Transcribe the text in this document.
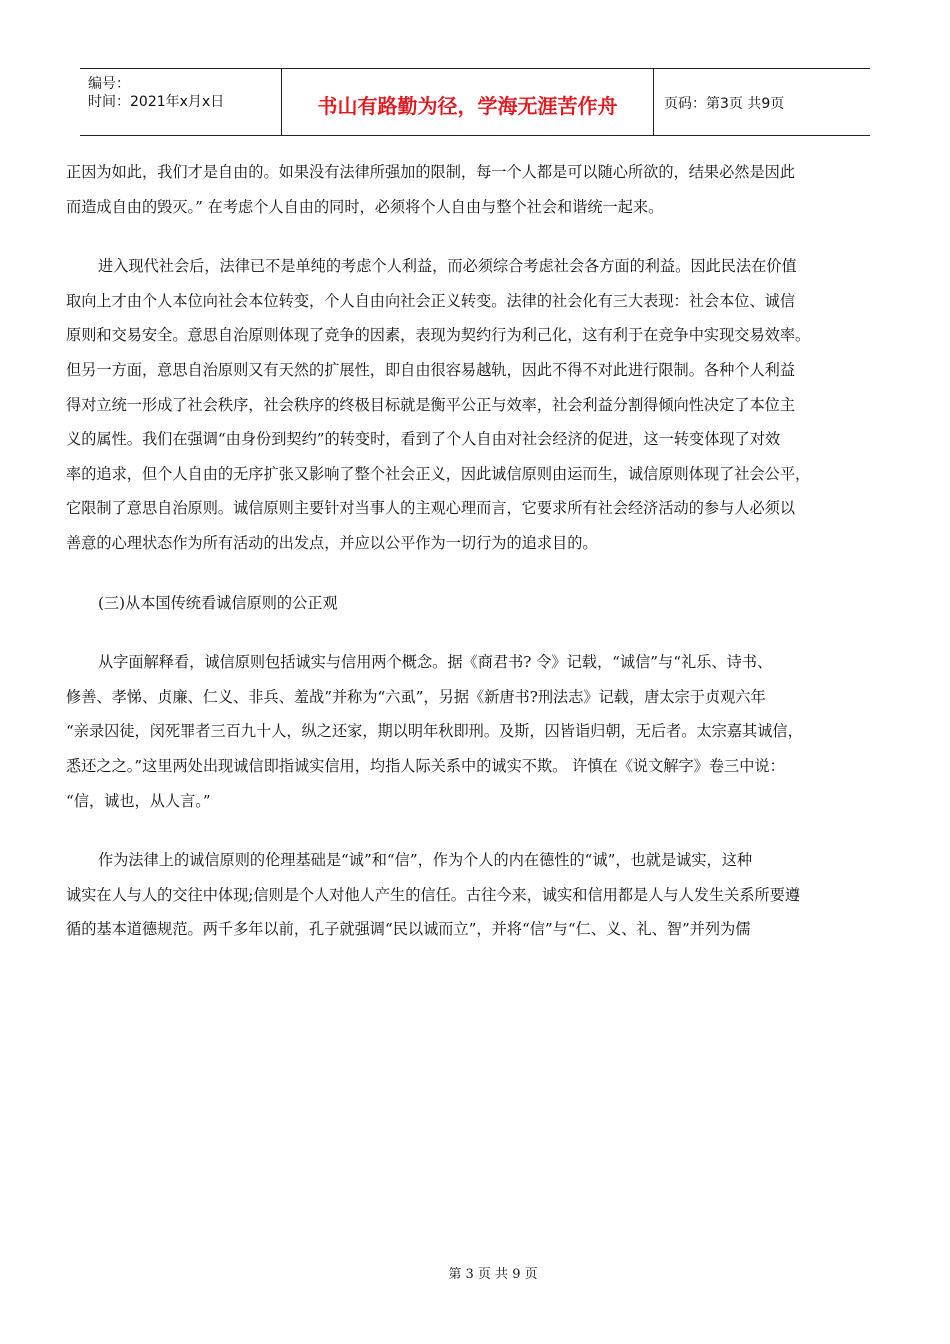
编号：
时间：2021年x月x日	书山有路勤为径，学海无涯苦作舟	页码：第3页 共9页

正因为如此，我们才是自由的。如果没有法律所强加的限制，每一个人都是可以随心所欲的，结果必然是因此
而造成自由的毁灭。” 在考虑个人自由的同时，必须将个人自由与整个社会和谐统一起来。

进入现代社会后，法律已不是单纯的考虑个人利益，而必须综合考虑社会各方面的利益。因此民法在价值
取向上才由个人本位向社会本位转变，个人自由向社会正义转变。法律的社会化有三大表现：社会本位、诚信
原则和交易安全。意思自治原则体现了竞争的因素，表现为契约行为利己化，这有利于在竞争中实现交易效率。
但另一方面，意思自治原则又有天然的扩展性，即自由很容易越轨，因此不得不对此进行限制。各种个人利益
得对立统一形成了社会秩序，社会秩序的终极目标就是衡平公正与效率，社会利益分割得倾向性决定了本位主
义的属性。我们在强调“由身份到契约”的转变时，看到了个人自由对社会经济的促进，这一转变体现了对效
率的追求，但个人自由的无序扩张又影响了整个社会正义，因此诚信原则由运而生，诚信原则体现了社会公平，
它限制了意思自治原则。诚信原则主要针对当事人的主观心理而言，它要求所有社会经济活动的参与人必须以
善意的心理状态作为所有活动的出发点，并应以公平作为一切行为的追求目的。

(三)从本国传统看诚信原则的公正观

从字面解释看，诚信原则包括诚实与信用两个概念。据《商君书? 令》记载，“诚信”与“礼乐、诗书、
修善、孝悌、贞廉、仁义、非兵、羞战”并称为“六虱”，另据《新唐书?刑法志》记载，唐太宗于贞观六年
“亲录囚徒，闵死罪者三百九十人，纵之还家，期以明年秋即刑。及斯，囚皆诣归朝，无后者。太宗嘉其诚信，
悉还之之。”这里两处出现诚信即指诚实信用，均指人际关系中的诚实不欺。 许慎在《说文解字》卷三中说：
“信，诚也，从人言。”

作为法律上的诚信原则的伦理基础是“诚”和“信”，作为个人的内在德性的“诚”，也就是诚实，这种
诚实在人与人的交往中体现;信则是个人对他人产生的信任。古往今来，诚实和信用都是人与人发生关系所要遵
循的基本道德规范。两千多年以前，孔子就强调“民以诚而立”，并将“信”与“仁、义、礼、智”并列为儒

第 3 页 共 9 页
